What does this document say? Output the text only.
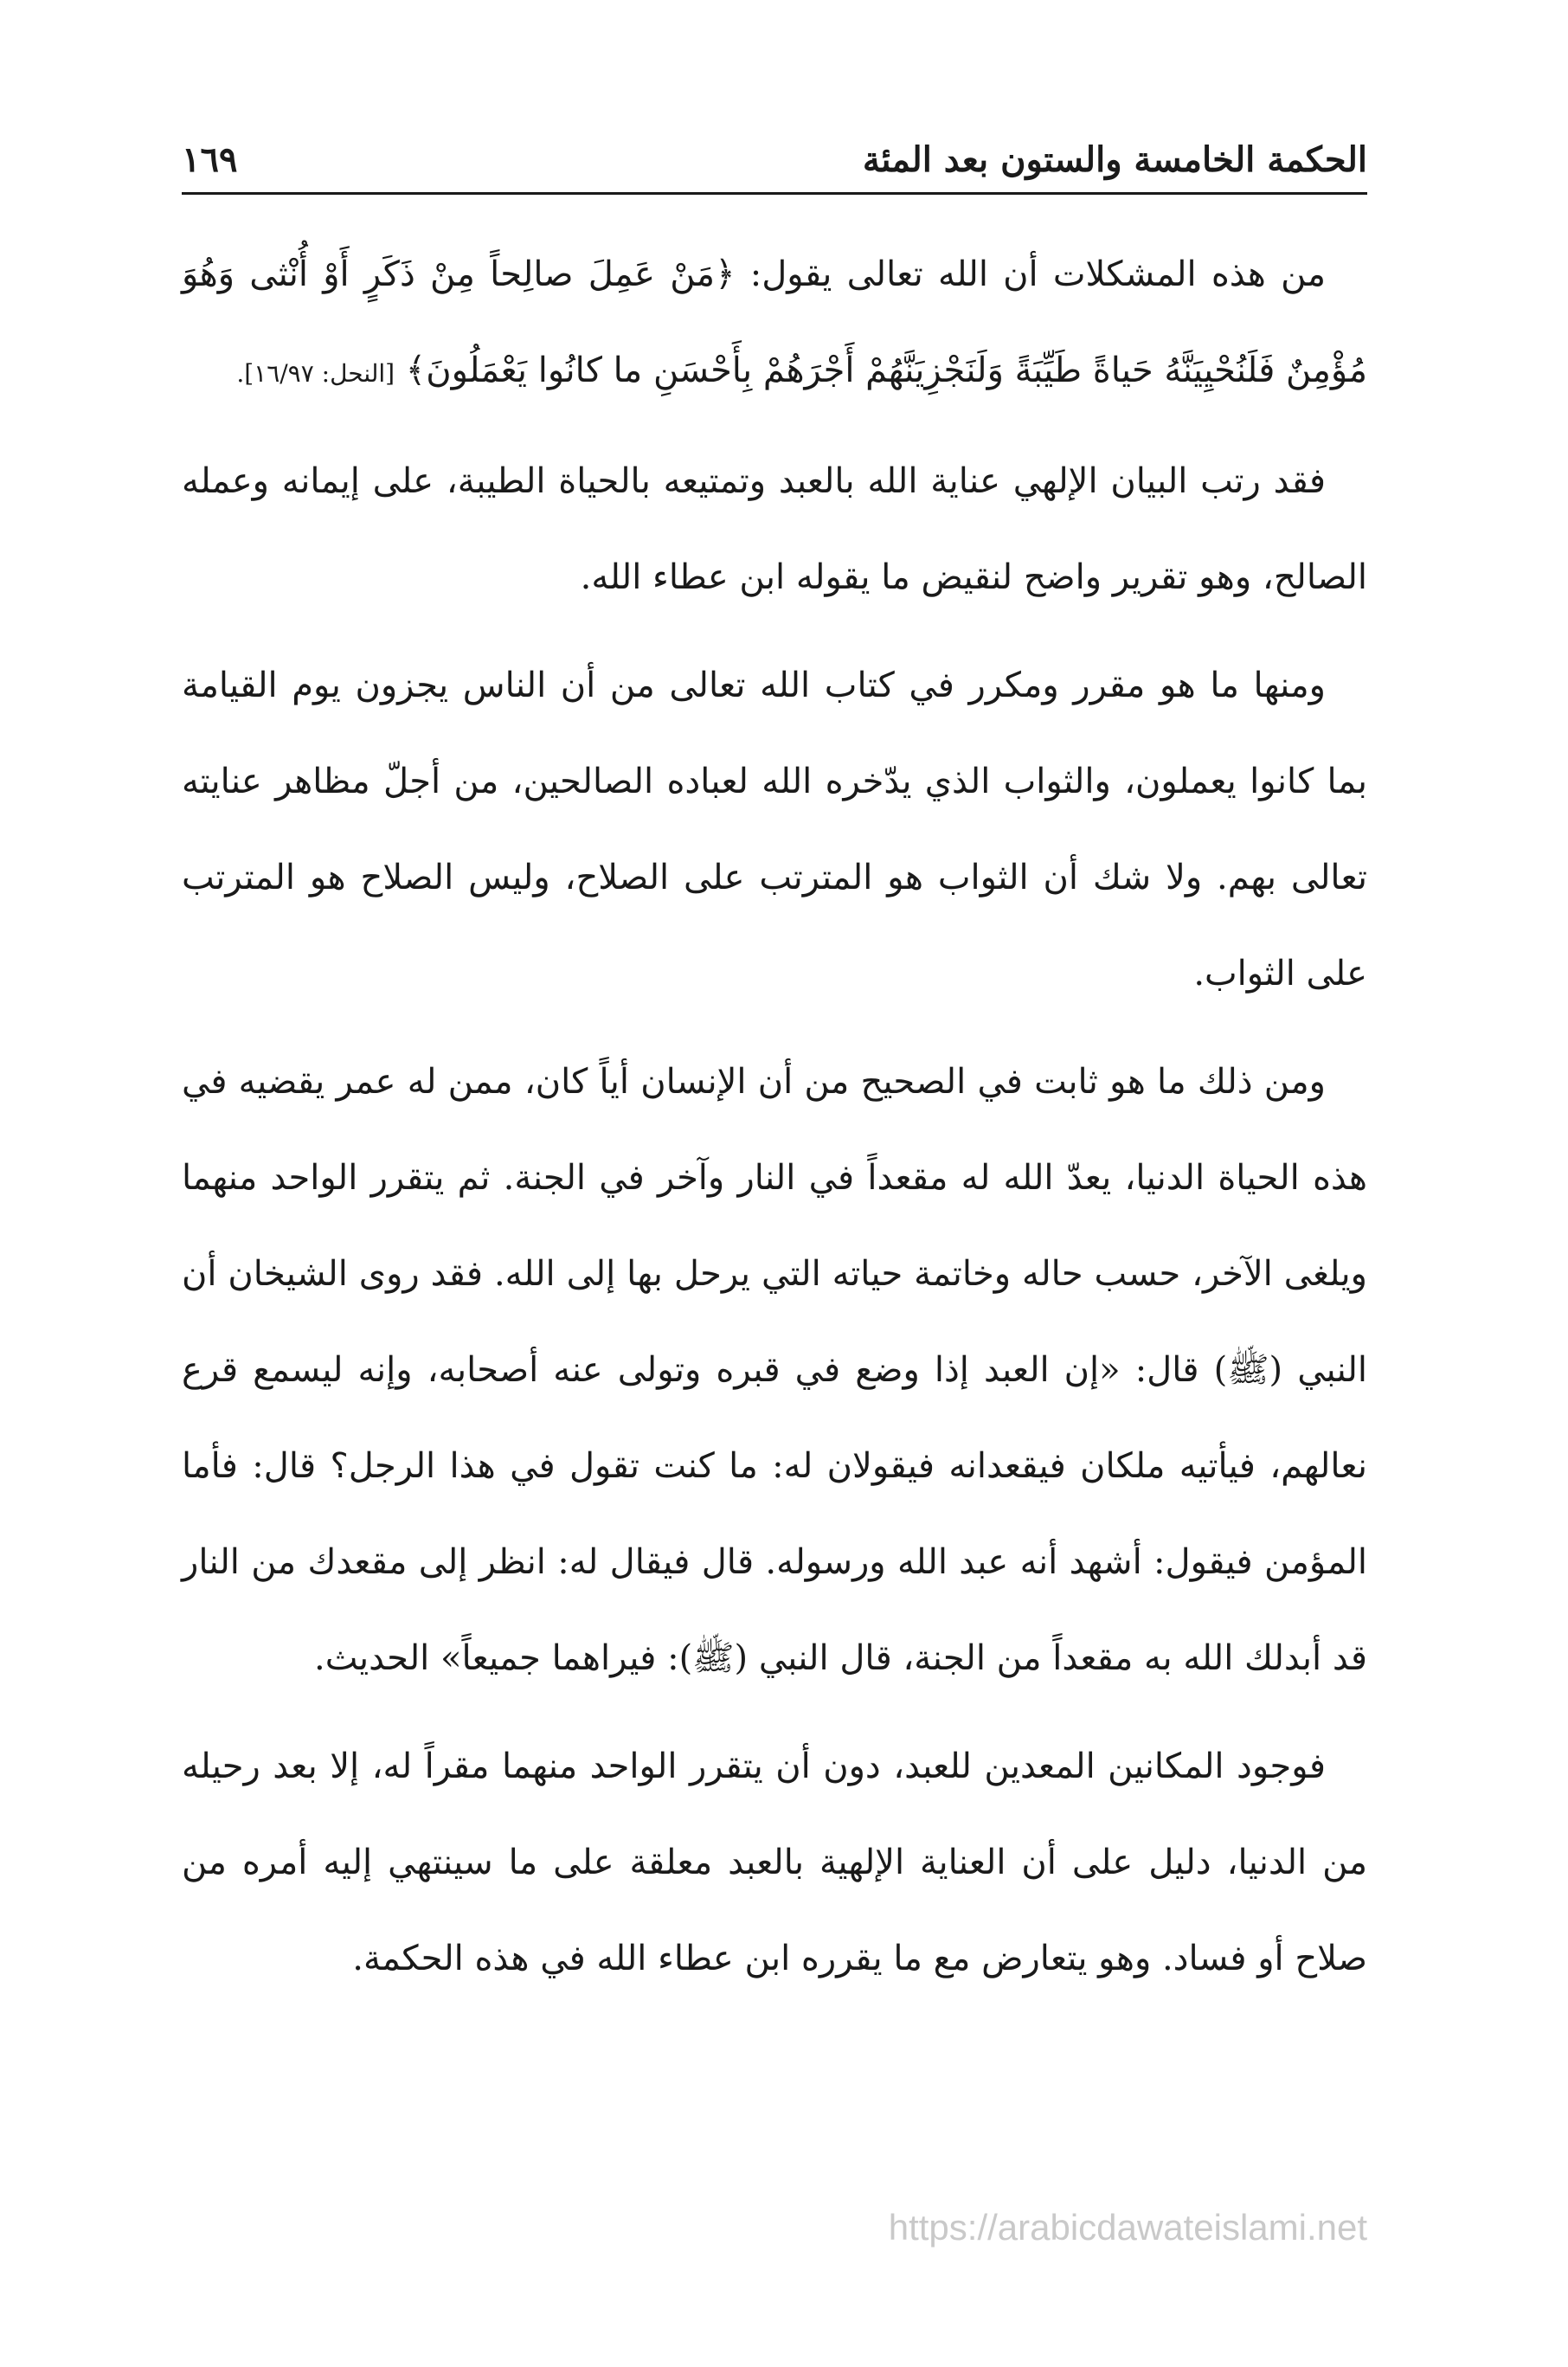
الحكمة الخامسة والستون بعد المئة
١٦٩

من هذه المشكلات أن الله تعالى يقول: ﴿مَنْ عَمِلَ صالِحاً مِنْ ذَكَرٍ أَوْ أُنْثى وَهُوَ مُؤْمِنٌ فَلَنُحْيِيَنَّهُ حَياةً طَيِّبَةً وَلَنَجْزِيَنَّهُمْ أَجْرَهُمْ بِأَحْسَنِ ما كانُوا يَعْمَلُونَ﴾ [النحل: ١٦/٩٧].

فقد رتب البيان الإلهي عناية الله بالعبد وتمتيعه بالحياة الطيبة، على إيمانه وعمله الصالح، وهو تقرير واضح لنقيض ما يقوله ابن عطاء الله.

ومنها ما هو مقرر ومكرر في كتاب الله تعالى من أن الناس يجزون يوم القيامة بما كانوا يعملون، والثواب الذي يدّخره الله لعباده الصالحين، من أجلّ مظاهر عنايته تعالى بهم. ولا شك أن الثواب هو المترتب على الصلاح، وليس الصلاح هو المترتب على الثواب.

ومن ذلك ما هو ثابت في الصحيح من أن الإنسان أياً كان، ممن له عمر يقضيه في هذه الحياة الدنيا، يعدّ الله له مقعداً في النار وآخر في الجنة. ثم يتقرر الواحد منهما ويلغى الآخر، حسب حاله وخاتمة حياته التي يرحل بها إلى الله. فقد روى الشيخان أن النبي (ﷺ) قال: «إن العبد إذا وضع في قبره وتولى عنه أصحابه، وإنه ليسمع قرع نعالهم، فيأتيه ملكان فيقعدانه فيقولان له: ما كنت تقول في هذا الرجل؟ قال: فأما المؤمن فيقول: أشهد أنه عبد الله ورسوله. قال فيقال له: انظر إلى مقعدك من النار قد أبدلك الله به مقعداً من الجنة، قال النبي (ﷺ): فيراهما جميعاً» الحديث.

فوجود المكانين المعدين للعبد، دون أن يتقرر الواحد منهما مقراً له، إلا بعد رحيله من الدنيا، دليل على أن العناية الإلهية بالعبد معلقة على ما سينتهي إليه أمره من صلاح أو فساد. وهو يتعارض مع ما يقرره ابن عطاء الله في هذه الحكمة.

https://arabicdawateislami.net
